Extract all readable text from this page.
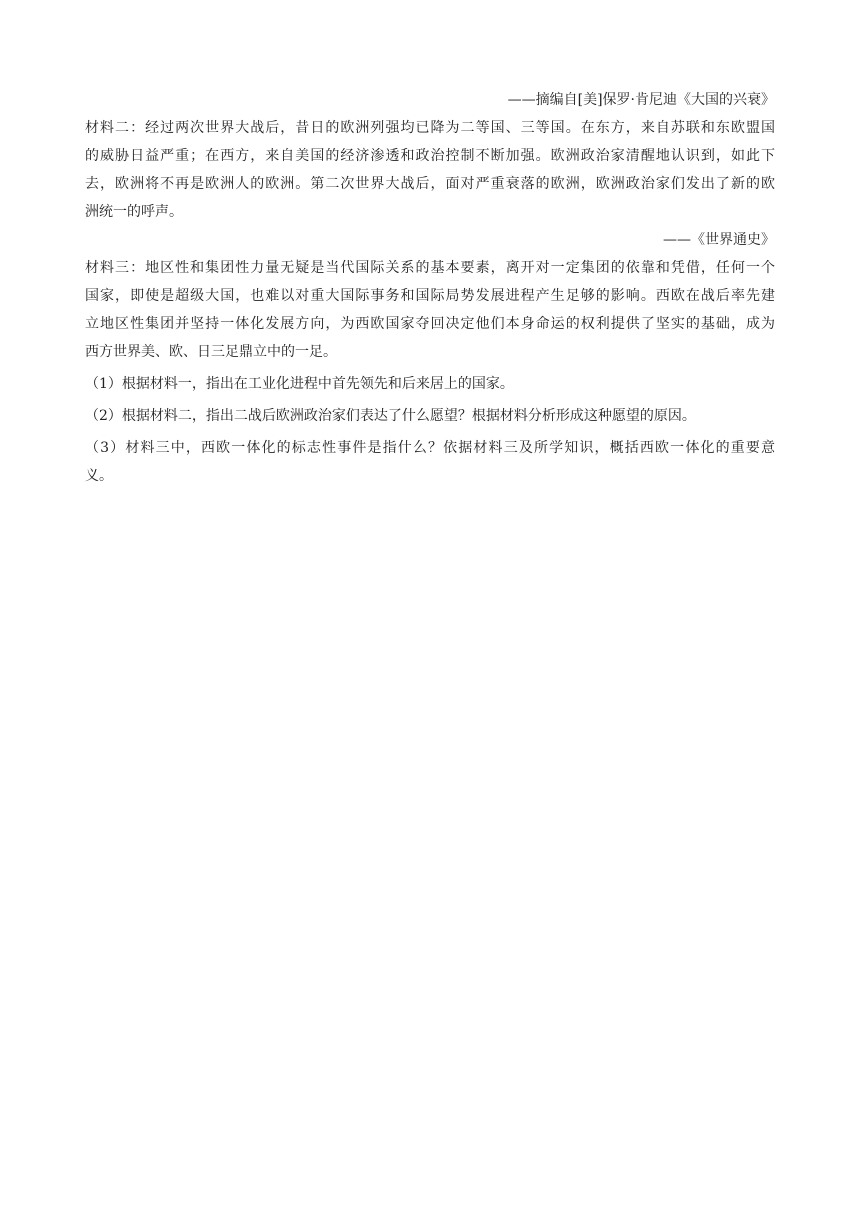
——摘编自[美]保罗·肯尼迪《大国的兴衰》
材料二：经过两次世界大战后，昔日的欧洲列强均已降为二等国、三等国。在东方，来自苏联和东欧盟国
的威胁日益严重；在西方，来自美国的经济渗透和政治控制不断加强。欧洲政治家清醒地认识到，如此下
去，欧洲将不再是欧洲人的欧洲。第二次世界大战后，面对严重衰落的欧洲，欧洲政治家们发出了新的欧
洲统一的呼声。
——《世界通史》
材料三：地区性和集团性力量无疑是当代国际关系的基本要素，离开对一定集团的依靠和凭借，任何一个
国家，即使是超级大国，也难以对重大国际事务和国际局势发展进程产生足够的影响。西欧在战后率先建
立地区性集团并坚持一体化发展方向，为西欧国家夺回决定他们本身命运的权利提供了坚实的基础，成为
西方世界美、欧、日三足鼎立中的一足。
（1）根据材料一，指出在工业化进程中首先领先和后来居上的国家。
（2）根据材料二，指出二战后欧洲政治家们表达了什么愿望？根据材料分析形成这种愿望的原因。
（3）材料三中，西欧一体化的标志性事件是指什么？依据材料三及所学知识，概括西欧一体化的重要意
义。
